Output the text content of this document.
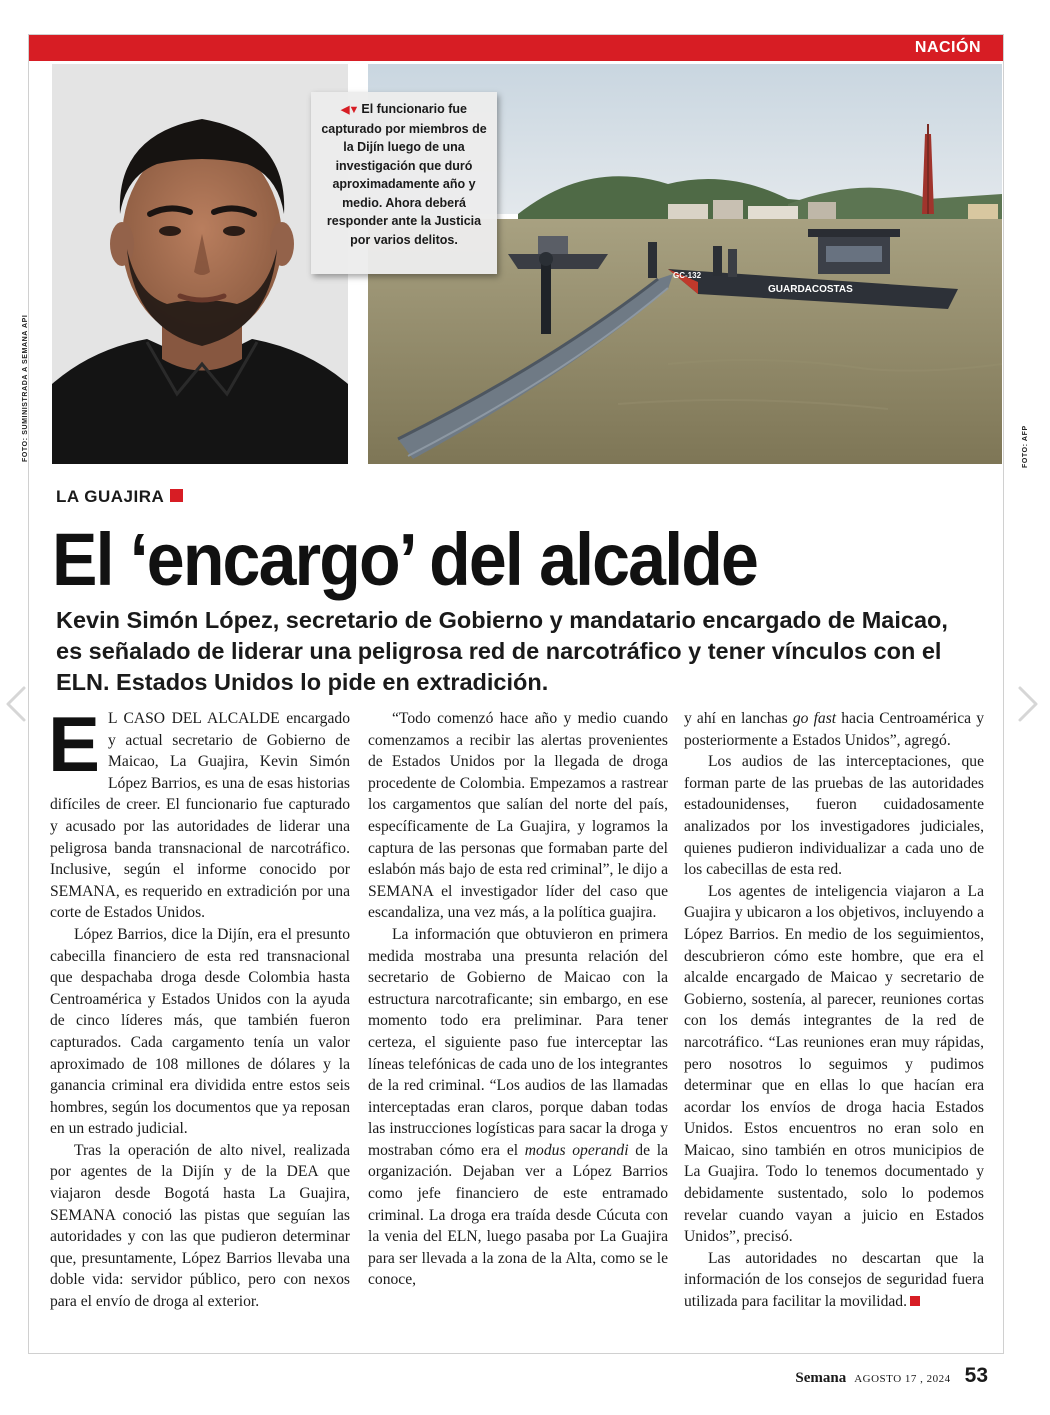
NACIÓN
FOTO: SUMINISTRADA A SEMANA API
GUARDACOSTAS
GC-132
FOTO: AFP
◀▼ El funcionario fue capturado por miembros de la Dijín luego de una investigación que duró aproximadamente año y medio. Ahora deberá responder ante la Justicia por varios delitos.
LA GUAJIRA
El ‘encargo’ del alcalde
Kevin Simón López, secretario de Gobierno y mandatario encargado de Maicao, es señalado de liderar una peligrosa red de narcotráfico y tener vínculos con el ELN. Estados Unidos lo pide en extradición.

E L CASO DEL ALCALDE encargado y actual secretario de Gobierno de Maicao, La Guajira, Kevin Simón López Barrios, es una de esas historias difíciles de creer. El funcionario fue capturado y acusado por las autoridades de liderar una peligrosa banda transnacional de narcotráfico. Inclusive, según el informe conocido por SEMANA, es requerido en extradición por una corte de Estados Unidos.

López Barrios, dice la Dijín, era el presunto cabecilla financiero de esta red transnacional que despachaba droga desde Colombia hasta Centroamérica y Estados Unidos con la ayuda de cinco líderes más, que también fueron capturados. Cada cargamento tenía un valor aproximado de 108 millones de dólares y la ganancia criminal era dividida entre estos seis hombres, según los documentos que ya reposan en un estrado judicial.

Tras la operación de alto nivel, realizada por agentes de la Dijín y de la DEA que viajaron desde Bogotá hasta La Guajira, SEMANA conoció las pistas que seguían las autoridades y con las que pudieron determinar que, presuntamente, López Barrios llevaba una doble vida: servidor público, pero con nexos para el envío de droga al exterior.

“Todo comenzó hace año y medio cuando comenzamos a recibir las alertas provenientes de Estados Unidos por la llegada de droga procedente de Colombia. Empezamos a rastrear los cargamentos que salían del norte del país, específicamente de La Guajira, y logramos la captura de las personas que formaban parte del eslabón más bajo de esta red criminal”, le dijo a SEMANA el investigador líder del caso que escandaliza, una vez más, a la política guajira.

La información que obtuvieron en primera medida mostraba una presunta relación del secretario de Gobierno de Maicao con la estructura narcotraficante; sin embargo, en ese momento todo era preliminar. Para tener certeza, el siguiente paso fue interceptar las líneas telefónicas de cada uno de los integrantes de la red criminal. “Los audios de las llamadas interceptadas eran claros, porque daban todas las instrucciones logísticas para sacar la droga y mostraban cómo era el modus operandi de la organización. Dejaban ver a López Barrios como jefe financiero de este entramado criminal. La droga era traída desde Cúcuta con la venia del ELN, luego pasaba por La Guajira para ser llevada a la zona de la Alta, como se le conoce,

y ahí en lanchas go fast hacia Centroamérica y posteriormente a Estados Unidos”, agregó.

Los audios de las interceptaciones, que forman parte de las pruebas de las autoridades estadounidenses, fueron cuidadosamente analizados por los investigadores judiciales, quienes pudieron individualizar a cada uno de los cabecillas de esta red.

Los agentes de inteligencia viajaron a La Guajira y ubicaron a los objetivos, incluyendo a López Barrios. En medio de los seguimientos, descubrieron cómo este hombre, que era el alcalde encargado de Maicao y secretario de Gobierno, sostenía, al parecer, reuniones cortas con los demás integrantes de la red de narcotráfico. “Las reuniones eran muy rápidas, pero nosotros lo seguimos y pudimos determinar que en ellas lo que hacían era acordar los envíos de droga hacia Estados Unidos. Estos encuentros no eran solo en Maicao, sino también en otros municipios de La Guajira. Todo lo tenemos documentado y debidamente sustentado, solo lo podemos revelar cuando vayan a juicio en Estados Unidos”, precisó.

Las autoridades no descartan que la información de los consejos de seguridad fuera utilizada para facilitar la movilidad.

Semana AGOSTO 17 , 2024 53
